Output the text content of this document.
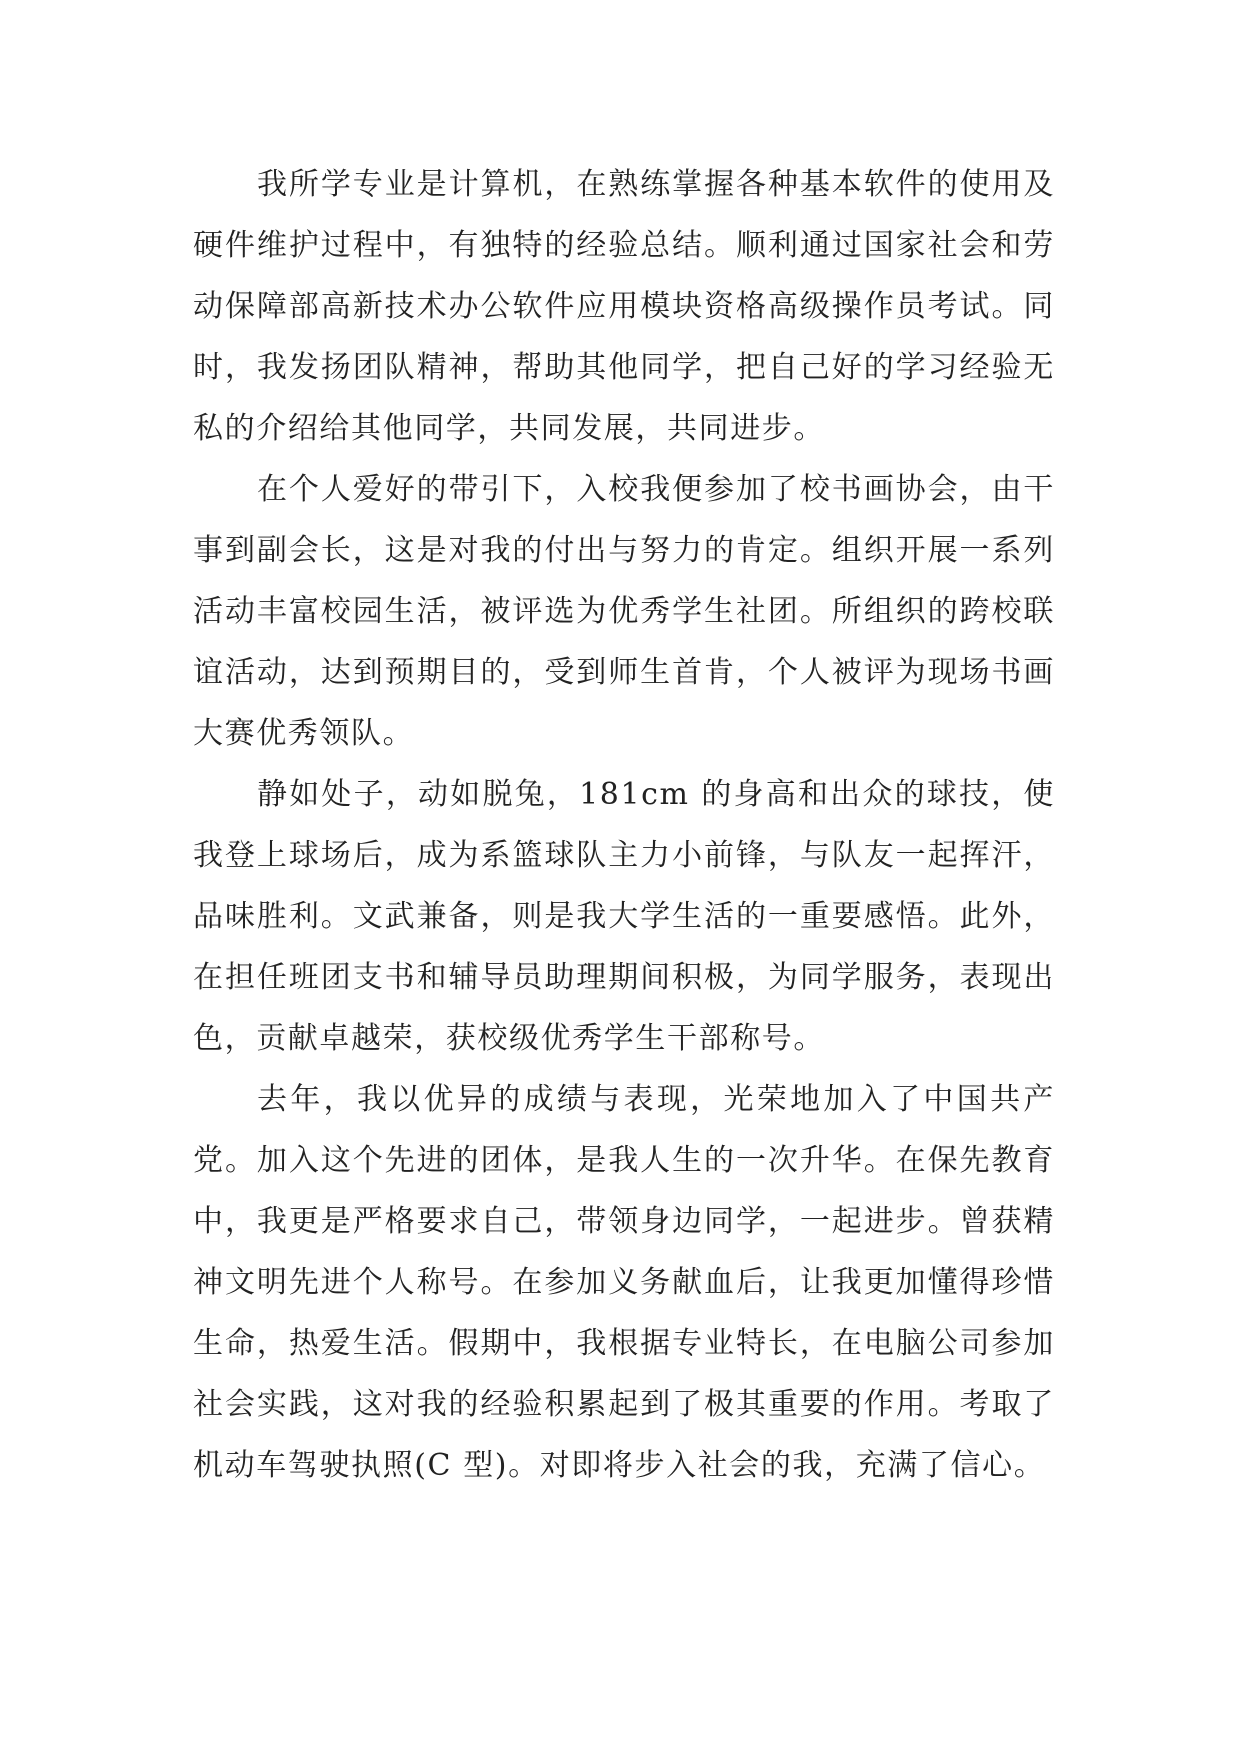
我所学专业是计算机，在熟练掌握各种基本软件的使用及硬件维护过程中，有独特的经验总结。顺利通过国家社会和劳动保障部高新技术办公软件应用模块资格高级操作员考试。同时，我发扬团队精神，帮助其他同学，把自己好的学习经验无私的介绍给其他同学，共同发展，共同进步。

在个人爱好的带引下，入校我便参加了校书画协会，由干事到副会长，这是对我的付出与努力的肯定。组织开展一系列活动丰富校园生活，被评选为优秀学生社团。所组织的跨校联谊活动，达到预期目的，受到师生首肯，个人被评为现场书画大赛优秀领队。

静如处子，动如脱兔，181cm 的身高和出众的球技，使我登上球场后，成为系篮球队主力小前锋，与队友一起挥汗，品味胜利。文武兼备，则是我大学生活的一重要感悟。此外，在担任班团支书和辅导员助理期间积极，为同学服务，表现出色，贡献卓越荣，获校级优秀学生干部称号。

去年，我以优异的成绩与表现，光荣地加入了中国共产党。加入这个先进的团体，是我人生的一次升华。在保先教育中，我更是严格要求自己，带领身边同学，一起进步。曾获精神文明先进个人称号。在参加义务献血后，让我更加懂得珍惜生命，热爱生活。假期中，我根据专业特长，在电脑公司参加社会实践，这对我的经验积累起到了极其重要的作用。考取了机动车驾驶执照(C 型)。对即将步入社会的我，充满了信心。
